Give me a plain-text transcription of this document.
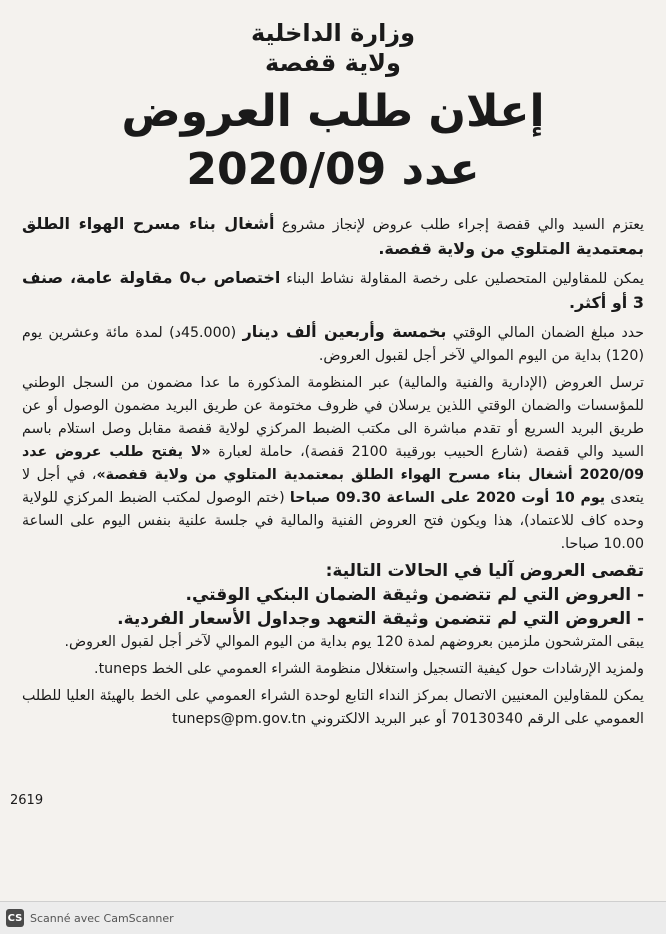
وزارة الداخلية
ولاية قفصة
إعلان طلب العروض
عدد 2020/09

يعتزم السيد والي قفصة إجراء طلب عروض لإنجاز مشروع أشغال بناء مسرح الهواء الطلق بمعتمدية المتلوي من ولاية قفصة.

يمكن للمقاولين المتحصلين على رخصة المقاولة نشاط البناء اختصاص ب0 مقاولة عامة، صنف 3 أو أكثر.

حدد مبلغ الضمان المالي الوقتي بخمسة وأربعين ألف دينار (45.000د) لمدة مائة وعشرين يوم (120) بداية من اليوم الموالي لآخر أجل لقبول العروض.

ترسل العروض (الإدارية والفنية والمالية) عبر المنظومة المذكورة ما عدا مضمون من السجل الوطني للمؤسسات والضمان الوقتي اللذين يرسلان في ظروف مختومة عن طريق البريد مضمون الوصول أو عن طريق البريد السريع أو تقدم مباشرة الى مكتب الضبط المركزي لولاية قفصة مقابل وصل استلام باسم السيد والي قفصة (شارع الحبيب بورقيبة 2100 قفصة)، حاملة لعبارة «لا يفتح طلب عروض عدد 2020/09 أشغال بناء مسرح الهواء الطلق بمعتمدية المتلوي من ولاية قفصة»، في أجل لا يتعدى يوم 10 أوت 2020 على الساعة 09.30 صباحا (ختم الوصول لمكتب الضبط المركزي للولاية وحده كاف للاعتماد)، هذا ويكون فتح العروض الفنية والمالية في جلسة علنية بنفس اليوم على الساعة 10.00 صباحا.

تقصى العروض آليا في الحالات التالية:
- العروض التي لم تتضمن وثيقة الضمان البنكي الوقتي.
- العروض التي لم تتضمن وثيقة التعهد وجداول الأسعار الفردية.

يبقى المترشحون ملزمين بعروضهم لمدة 120 يوم بداية من اليوم الموالي لآخر أجل لقبول العروض.

ولمزيد الإرشادات حول كيفية التسجيل واستغلال منظومة الشراء العمومي على الخط tuneps.

يمكن للمقاولين المعنيين الاتصال بمركز النداء التابع لوحدة الشراء العمومي على الخط بالهيئة العليا للطلب العمومي على الرقم 70130340 أو عبر البريد الالكتروني tuneps@pm.gov.tn

2619
CS Scanné avec CamScanner
